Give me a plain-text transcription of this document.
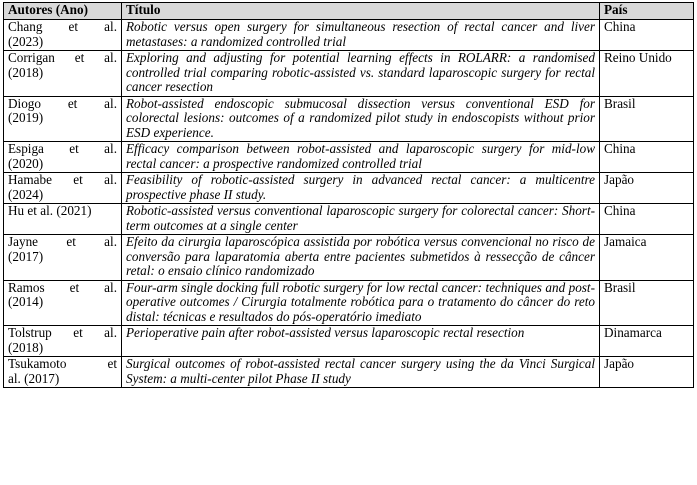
Autores (Ano)	Título	País

Chang et al.
(2023)	Robotic versus open surgery for simultaneous resection of rectal cancer and liver metastases: a randomized controlled trial	China

Corrigan et al.
(2018)	Exploring and adjusting for potential learning effects in ROLARR: a randomised controlled trial comparing robotic-assisted vs. standard laparoscopic surgery for rectal cancer resection	Reino Unido

Diogo et al.
(2019)	Robot-assisted endoscopic submucosal dissection versus conventional ESD for colorectal lesions: outcomes of a randomized pilot study in endoscopists without prior ESD experience.	Brasil

Espiga et al.
(2020)	Efficacy comparison between robot-assisted and laparoscopic surgery for mid-low rectal cancer: a prospective randomized controlled trial	China

Hamabe et al.
(2024)	Feasibility of robotic-assisted surgery in advanced rectal cancer: a multicentre prospective phase II study.	Japão
Hu et al. (2021)	Robotic-assisted versus conventional laparoscopic surgery for colorectal cancer: Short-term outcomes at a single center	China

Jayne et al.
(2017)	Efeito da cirurgia laparoscópica assistida por robótica versus convencional no risco de conversão para laparatomia aberta entre pacientes submetidos à ressecção de câncer retal: o ensaio clínico randomizado	Jamaica

Ramos et al.
(2014)	Four-arm single docking full robotic surgery for low rectal cancer: techniques and post-operative outcomes / Cirurgia totalmente robótica para o tratamento do câncer do reto distal: técnicas e resultados do pós-operatório imediato	Brasil

Tolstrup et al.
(2018)	Perioperative pain after robot-assisted versus laparoscopic rectal resection	Dinamarca

Tsukamoto et
al. (2017)	Surgical outcomes of robot-assisted rectal cancer surgery using the da Vinci Surgical System: a multi-center pilot Phase II study	Japão
